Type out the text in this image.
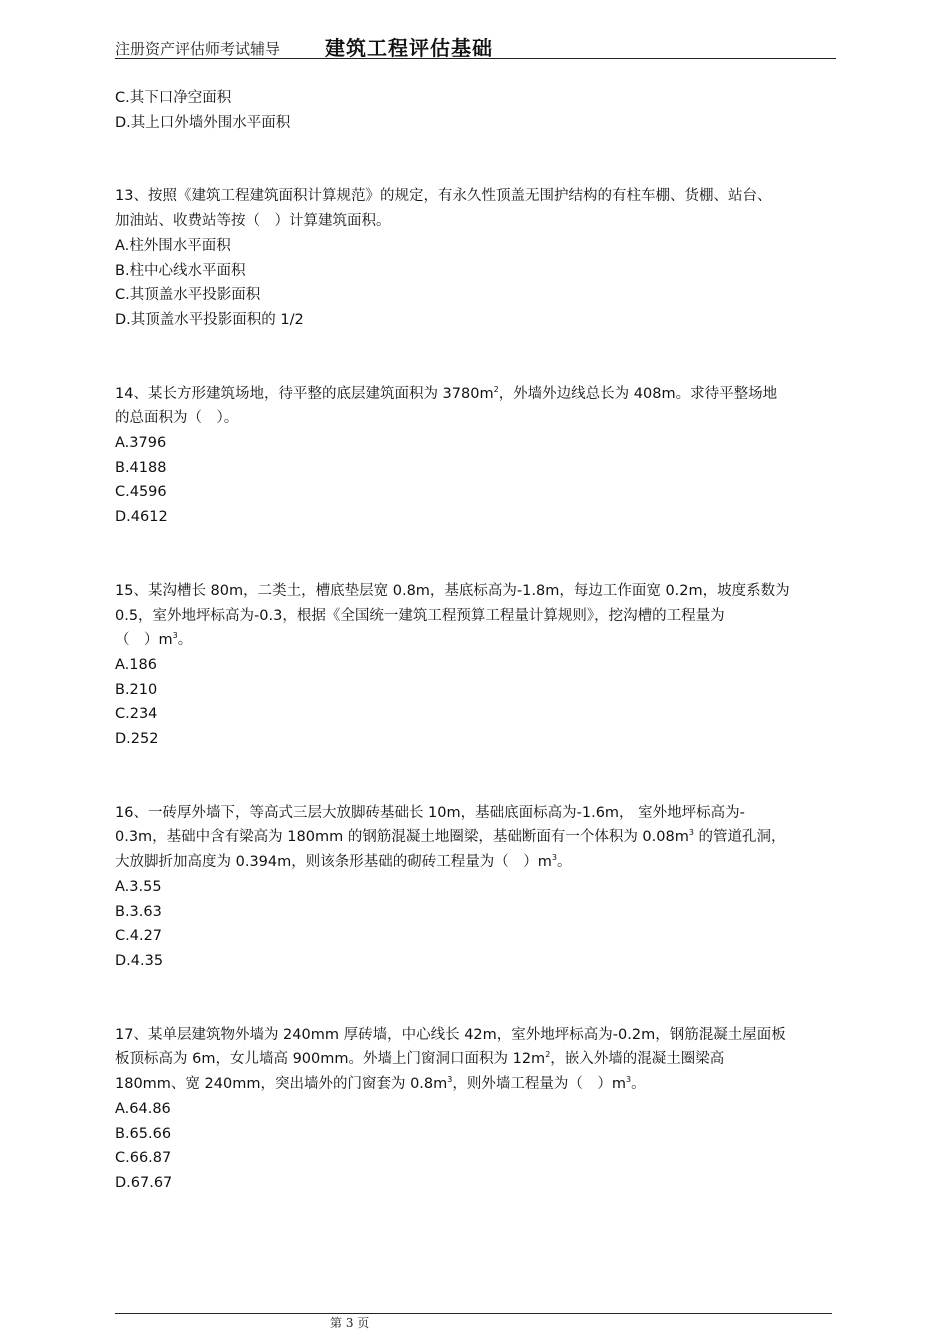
注册资产评估师考试辅导 建筑工程评估基础

C.其下口净空面积

D.其上口外墙外围水平面积

13、按照《建筑工程建筑面积计算规范》的规定，有永久性顶盖无围护结构的有柱车棚、货棚、站台、

加油站、收费站等按（　）计算建筑面积。

A.柱外围水平面积

B.柱中心线水平面积

C.其顶盖水平投影面积

D.其顶盖水平投影面积的 1/2

14、某长方形建筑场地，待平整的底层建筑面积为 $3780m^2$，外墙外边线总长为 408m。求待平整场地

的总面积为（　）。

A.3796

B.4188

C.4596

D.4612

15、某沟槽长 80m，二类土，槽底垫层宽 0.8m，基底标高为-1.8m，每边工作面宽 0.2m，坡度系数为

0.5，室外地坪标高为-0.3，根据《全国统一建筑工程预算工程量计算规则》，挖沟槽的工程量为

（　）$m^3$。

A.186

B.210

C.234

D.252

16、一砖厚外墙下，等高式三层大放脚砖基础长 10m，基础底面标高为-1.6m， 室外地坪标高为-

0.3m，基础中含有梁高为 180mm 的钢筋混凝土地圈梁，基础断面有一个体积为 $0.08m^3$ 的管道孔洞，

大放脚折加高度为 0.394m，则该条形基础的砌砖工程量为（　）$m^3$。

A.3.55

B.3.63

C.4.27

D.4.35

17、某单层建筑物外墙为 240mm 厚砖墙，中心线长 42m，室外地坪标高为-0.2m，钢筋混凝土屋面板

板顶标高为 6m，女儿墙高 900mm。外墙上门窗洞口面积为 $12m^2$，嵌入外墙的混凝土圈梁高

180mm、宽 240mm，突出墙外的门窗套为 $0.8m^3$，则外墙工程量为（　）$m^3$。

A.64.86

B.65.66

C.66.87

D.67.67

第 3 页
